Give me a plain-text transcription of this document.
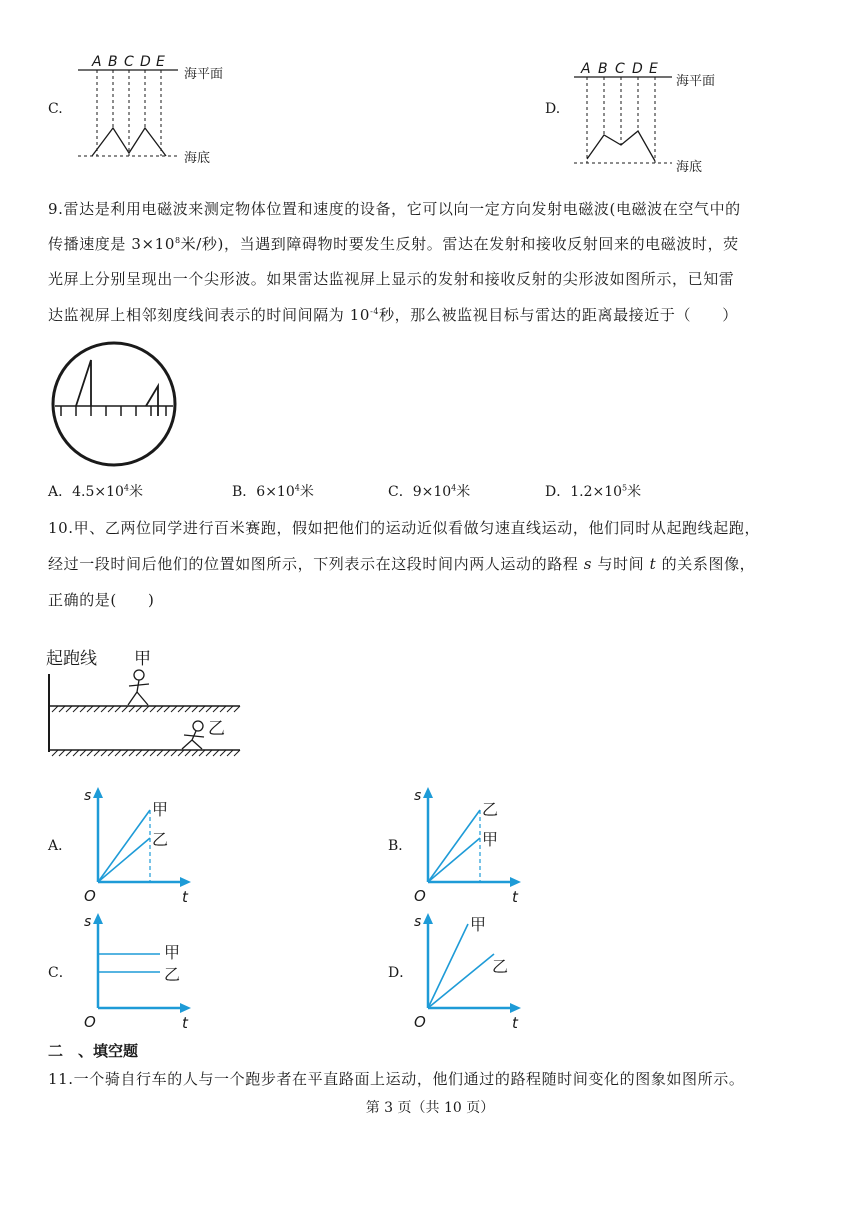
C.
A B C D E
海平面
海底
D.
A B C D E
海平面
海底
9.雷达是利用电磁波来测定物体位置和速度的设备，它可以向一定方向发射电磁波(电磁波在空气中的
传播速度是 $3\times 10^8$米/秒)，当遇到障碍物时要发生反射。雷达在发射和接收反射回来的电磁波时，荧
光屏上分别呈现出一个尖形波。如果雷达监视屏上显示的发射和接收反射的尖形波如图所示，已知雷
达监视屏上相邻刻度线间表示的时间间隔为 $10^{-4}$秒，那么被监视目标与雷达的距离最接近于（　　）
A．$4.5\times 10^4$米	B．$6\times 10^4$米	C．$9\times 10^4$米	D．$1.2\times 10^5$米
10.甲、乙两位同学进行百米赛跑，假如把他们的运动近似看做匀速直线运动，他们同时从起跑线起跑，
经过一段时间后他们的位置如图所示，下列表示在这段时间内两人运动的路程 s 与时间 t 的关系图像，
正确的是(　　)
起跑线 甲
乙
A．
s
O	t
甲
乙	B．
s
O	t
乙
甲
C．
s
O	t
甲
乙	D．
s
O	t
甲
乙
二　、填空题
11.一个骑自行车的人与一个跑步者在平直路面上运动，他们通过的路程随时间变化的图象如图所示。
第 3 页（共 10 页）
